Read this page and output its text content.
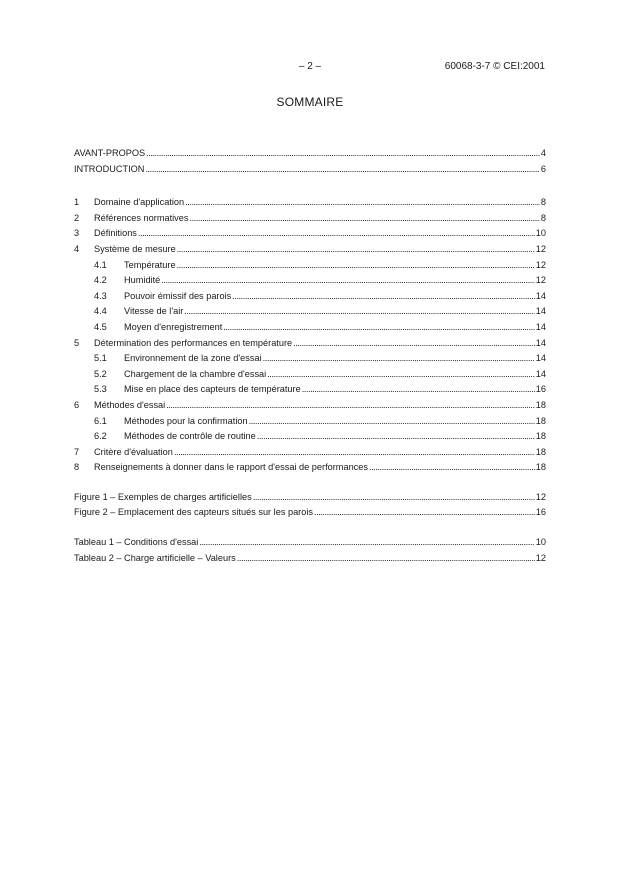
– 2 –	60068-3-7 © CEI:2001
SOMMAIRE
AVANT-PROPOS . . .	4
INTRODUCTION . . .	6
1	Domaine d'application . . .	8
2	Références normatives . . .	8
3	Définitions . . .	10
4	Système de mesure . . .	12
4.1	Température . . .	12
4.2	Humidité . . .	12
4.3	Pouvoir émissif des parois . . .	14
4.4	Vitesse de l'air . . .	14
4.5	Moyen d'enregistrement . . .	14
5	Détermination des performances en température . . .	14
5.1	Environnement de la zone d'essai . . .	14
5.2	Chargement de la chambre d'essai . . .	14
5.3	Mise en place des capteurs de température . . .	16
6	Méthodes d'essai . . .	18
6.1	Méthodes pour la confirmation . . .	18
6.2	Méthodes de contrôle de routine . . .	18
7	Critère d'évaluation . . .	18
8	Renseignements à donner dans le rapport d'essai de performances . . .	18
Figure 1 – Exemples de charges artificielles . . .	12
Figure 2 – Emplacement des capteurs situés sur les parois . . .	16
Tableau 1 – Conditions d'essai . . .	10
Tableau 2 – Charge artificielle – Valeurs . . .	12
